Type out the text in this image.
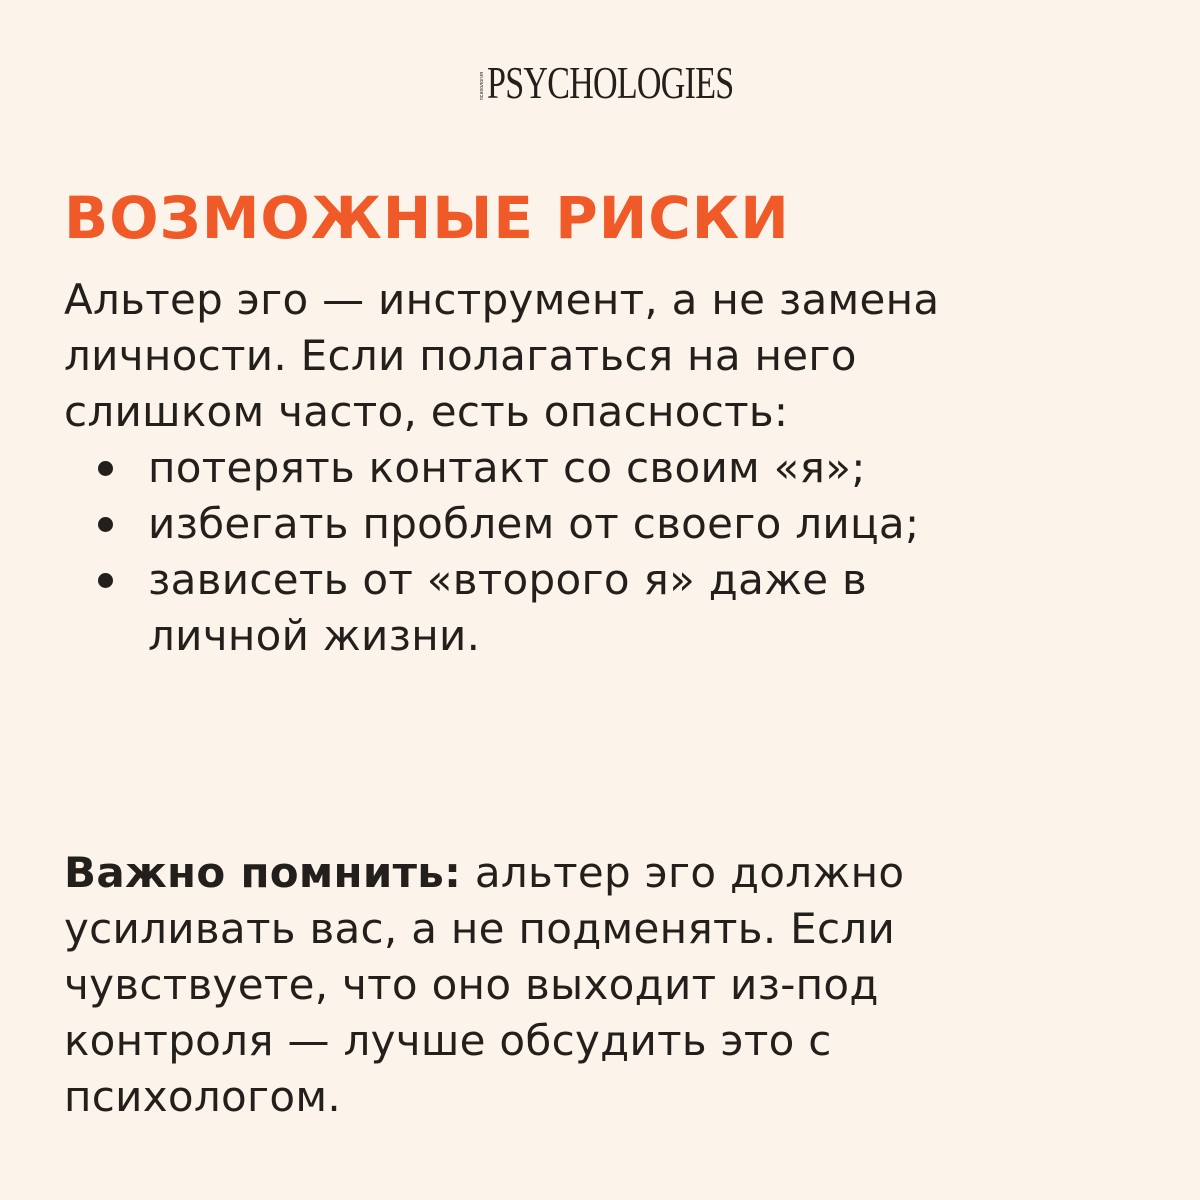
психология PSYCHOLOGIES
ВОЗМОЖНЫЕ РИСКИ
Альтер эго — инструмент, а не замена
личности. Если полагаться на него
слишком часто, есть опасность:
потерять контакт со своим «я»;
избегать проблем от своего лица;
зависеть от «второго я» даже в
личной жизни.
Важно помнить: альтер эго должно
усиливать вас, а не подменять. Если
чувствуете, что оно выходит из-под
контроля — лучше обсудить это с
психологом.
